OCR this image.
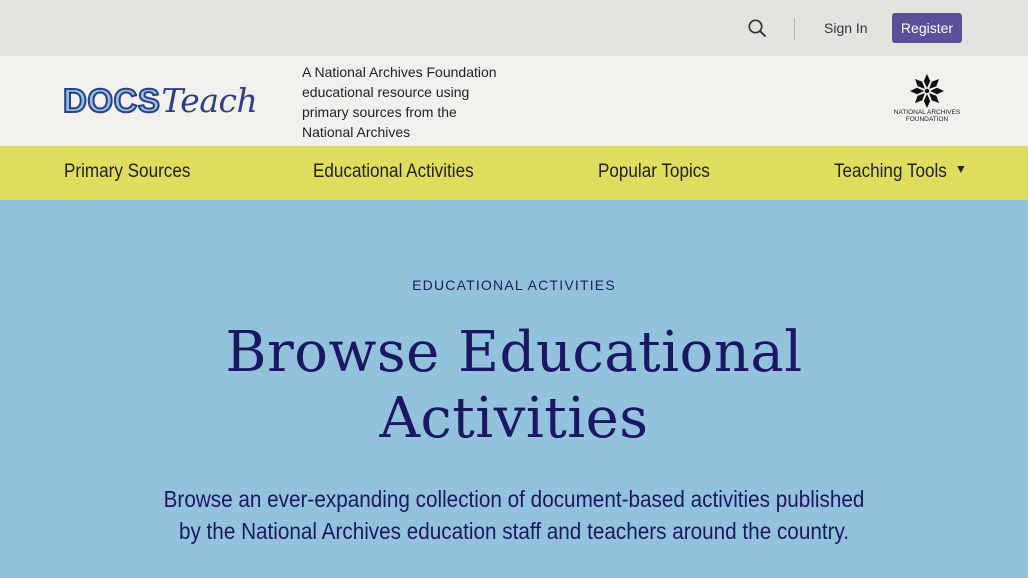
Sign In	Register
DOCSTeach
A National Archives Foundation educational resource using primary sources from the National Archives
NATIONAL ARCHIVES
FOUNDATION
Primary Sources	Educational Activities	Popular Topics	Teaching Tools
EDUCATIONAL ACTIVITIES
Browse Educational Activities

Browse an ever-expanding collection of document-based activities published by the National Archives education staff and teachers around the country.
